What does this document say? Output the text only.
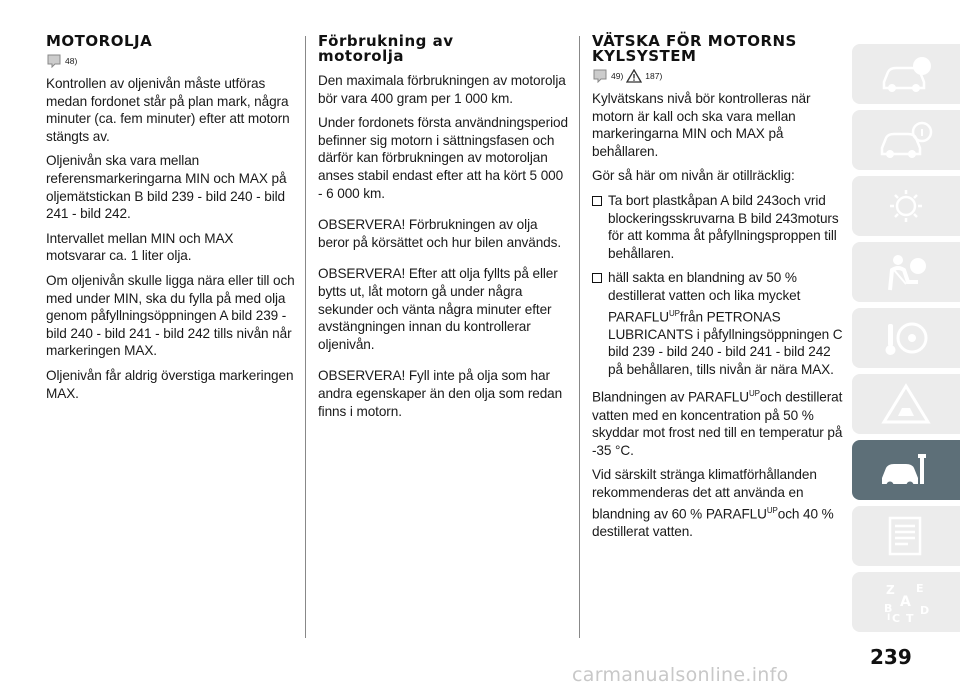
MOTOROLJA
48)

Kontrollen av oljenivån måste utföras medan fordonet står på plan mark, några minuter (ca. fem minuter) efter att motorn stängts av.

Oljenivån ska vara mellan referensmarkeringarna MIN och MAX på oljemätstickan B bild 239 - bild 240 - bild 241 - bild 242.

Intervallet mellan MIN och MAX motsvarar ca. 1 liter olja.

Om oljenivån skulle ligga nära eller till och med under MIN, ska du fylla på med olja genom påfyllningsöppningen A bild 239 - bild 240 - bild 241 - bild 242 tills nivån når markeringen MAX.

Oljenivån får aldrig överstiga markeringen MAX.

Förbrukning av
motorolja

Den maximala förbrukningen av motorolja bör vara 400 gram per 1 000 km.

Under fordonets första användningsperiod befinner sig motorn i sättningsfasen och därför kan förbrukningen av motoroljan anses stabil endast efter att ha kört 5 000 - 6 000 km.

OBSERVERA! Förbrukningen av olja beror på körsättet och hur bilen används.

OBSERVERA! Efter att olja fyllts på eller bytts ut, låt motorn gå under några sekunder och vänta några minuter efter avstängningen innan du kontrollerar oljenivån.

OBSERVERA! Fyll inte på olja som har andra egenskaper än den olja som redan finns i motorn.

VÄTSKA FÖR MOTORNS
KYLSYSTEM
49)	187)

Kylvätskans nivå bör kontrolleras när motorn är kall och ska vara mellan markeringarna MIN och MAX på behållaren.

Gör så här om nivån är otillräcklig:

Ta bort plastkåpan A bild 243och vrid blockeringsskruvarna B bild 243moturs för att komma åt påfyllningsproppen till behållaren.

häll sakta en blandning av 50 % destillerat vatten och lika mycket $PARAFLU^{UP}från$ PETRONAS LUBRICANTS i påfyllningsöppningen C bild 239 - bild 240 - bild 241 - bild 242 på behållaren, tills nivån är nära MAX.

Blandningen av $PARAFLU^{UP}och$ destillerat vatten med en koncentration på 50 % skyddar mot frost ned till en temperatur på -35 °C.

Vid särskilt stränga klimatförhållanden rekommenderas det att använda en blandning av 60 % $PARAFLU^{UP}och$ 40 % destillerat vatten.

Z E
A
B
C T
D
I
239
carmanualsonline.info
